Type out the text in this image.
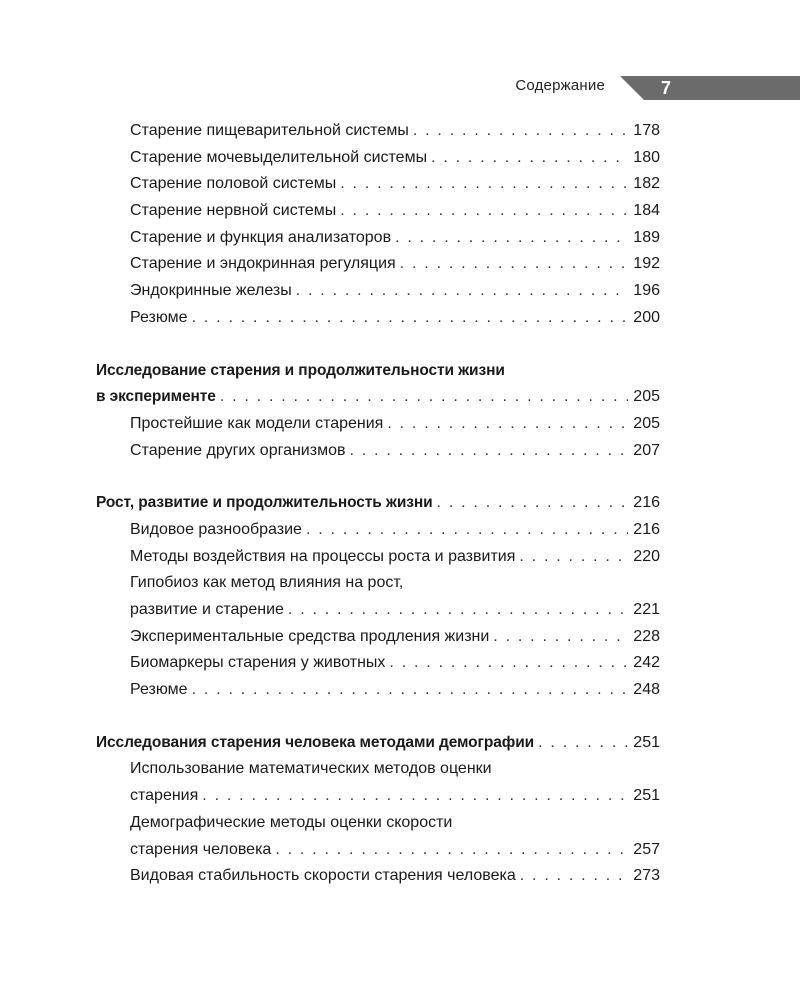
Содержание	7
Старение пищеварительной системы . . .	178
Старение мочевыделительной системы . . .	180
Старение половой системы . . .	182
Старение нервной системы . . .	184
Старение и функция анализаторов . . .	189
Старение и эндокринная регуляция . . .	192
Эндокринные железы . . .	196
Резюме . . .	200
Исследование старения и продолжительности жизни
в эксперименте . . .	205
Простейшие как модели старения . . .	205
Старение других организмов . . .	207
Рост, развитие и продолжительность жизни . . .	216
Видовое разнообразие . . .	216
Методы воздействия на процессы роста и развития . . .	220
Гипобиоз как метод влияния на рост,
развитие и старение . . .	221
Экспериментальные средства продления жизни . . .	228
Биомаркеры старения у животных . . .	242
Резюме . . .	248
Исследования старения человека методами демографии . . .	251
Использование математических методов оценки
старения . . .	251
Демографические методы оценки скорости
старения человека . . .	257
Видовая стабильность скорости старения человека . . .	273
